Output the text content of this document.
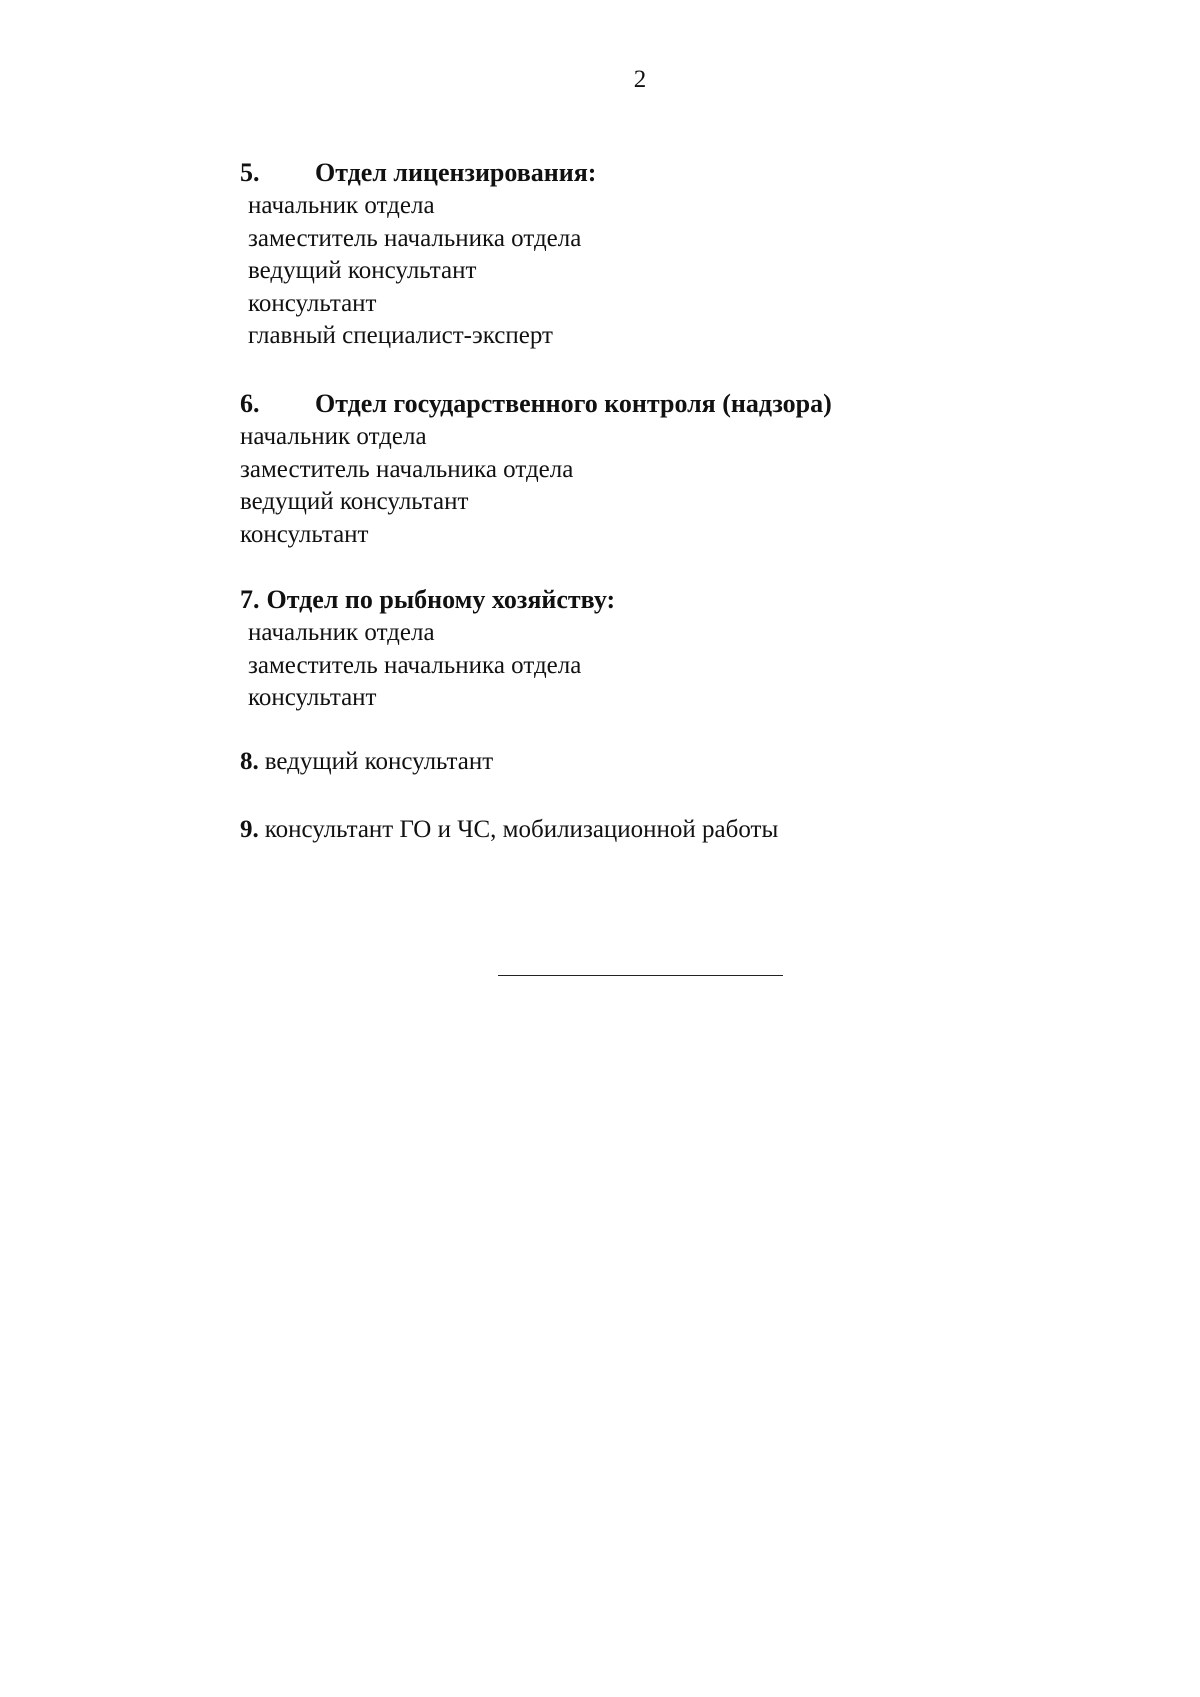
2
5. Отдел лицензирования:
начальник отдела
заместитель начальника отдела
ведущий консультант
консультант
главный специалист-эксперт
6. Отдел государственного контроля (надзора)
начальник отдела
заместитель начальника отдела
ведущий консультант
консультант
7. Отдел по рыбному хозяйству:
начальник отдела
заместитель начальника отдела
консультант
8. ведущий консультант
9. консультант ГО и ЧС, мобилизационной работы
